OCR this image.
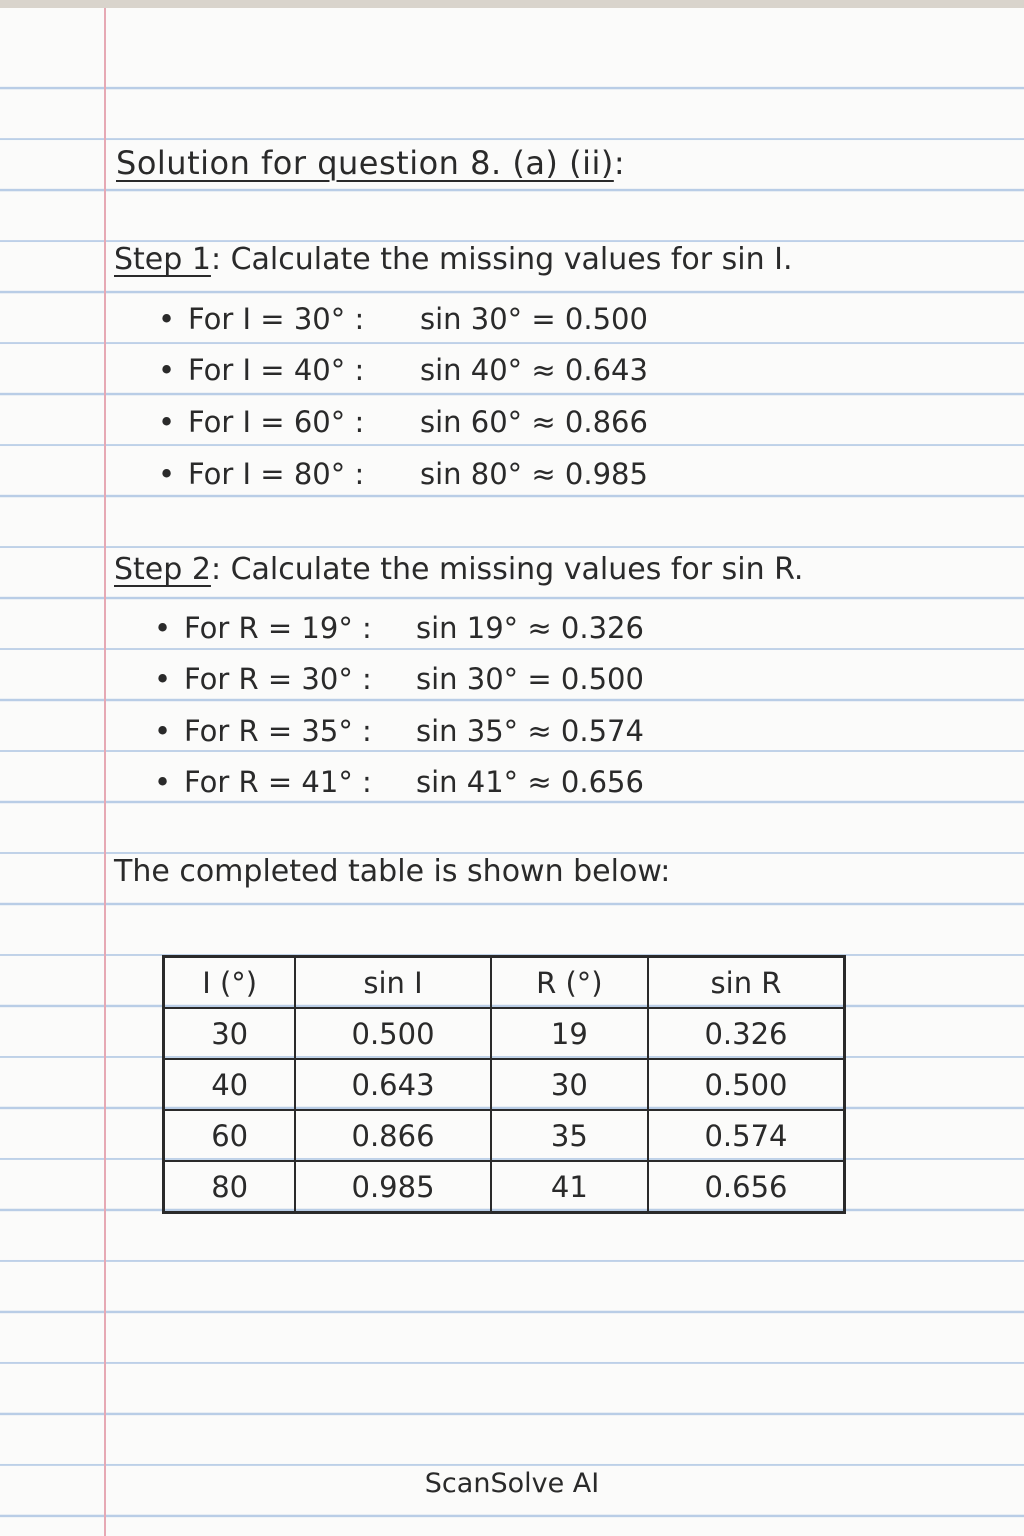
Solution for question 8. (a) (ii):
Step 1: Calculate the missing values for sin I.
• For I = 30° : sin 30° = 0.500
• For I = 40° : sin 40° ≈ 0.643
• For I = 60° : sin 60° ≈ 0.866
• For I = 80° : sin 80° ≈ 0.985
Step 2: Calculate the missing values for sin R.
• For R = 19° : sin 19° ≈ 0.326
• For R = 30° : sin 30° = 0.500
• For R = 35° : sin 35° ≈ 0.574
• For R = 41° : sin 41° ≈ 0.656
The completed table is shown below:
I (°)	sin I	R (°)	sin R
30	0.500	19	0.326
40	0.643	30	0.500
60	0.866	35	0.574
80	0.985	41	0.656
ScanSolve AI
